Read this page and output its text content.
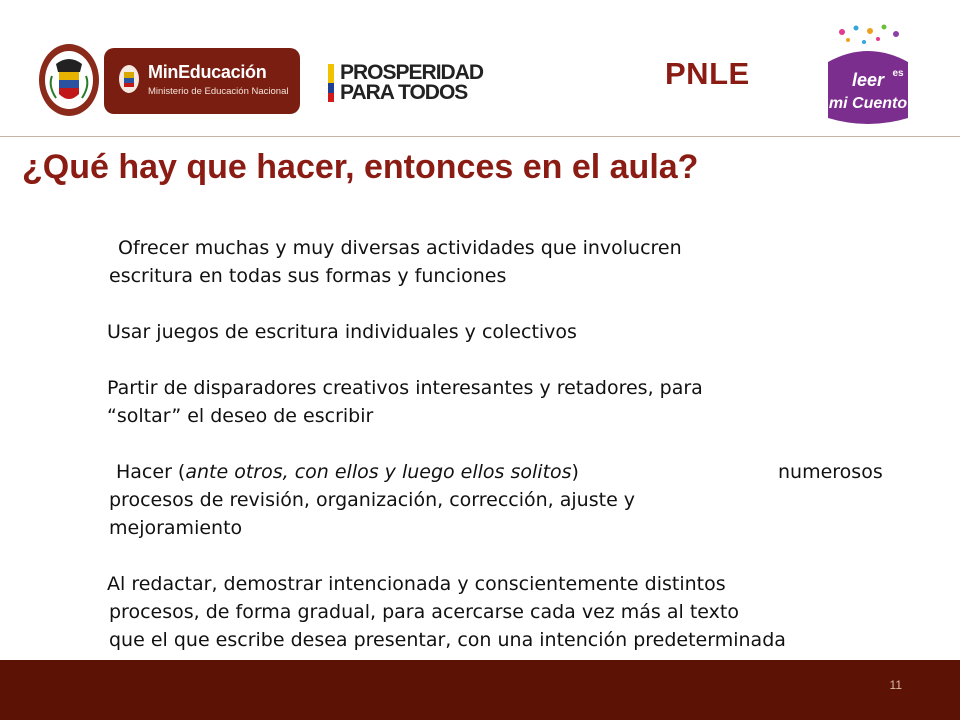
MinEducación
Ministerio de Educación Nacional
PROSPERIDAD
PARA TODOS
PNLE	leer es
mi Cuento
¿Qué hay que hacer, entonces en el aula?
Ofrecer muchas y muy diversas actividades que involucren
escritura en todas sus formas y funciones
Usar juegos de escritura individuales y colectivos
Partir de disparadores creativos interesantes y retadores, para
“soltar” el deseo de escribir
Hacer (ante otros, con ellos y luego ellos solitos)	numerosos
procesos de revisión, organización, corrección, ajuste y
mejoramiento
Al redactar, demostrar intencionada y conscientemente distintos
procesos, de forma gradual, para acercarse cada vez más al texto
que el que escribe desea presentar, con una intención predeterminada
11
